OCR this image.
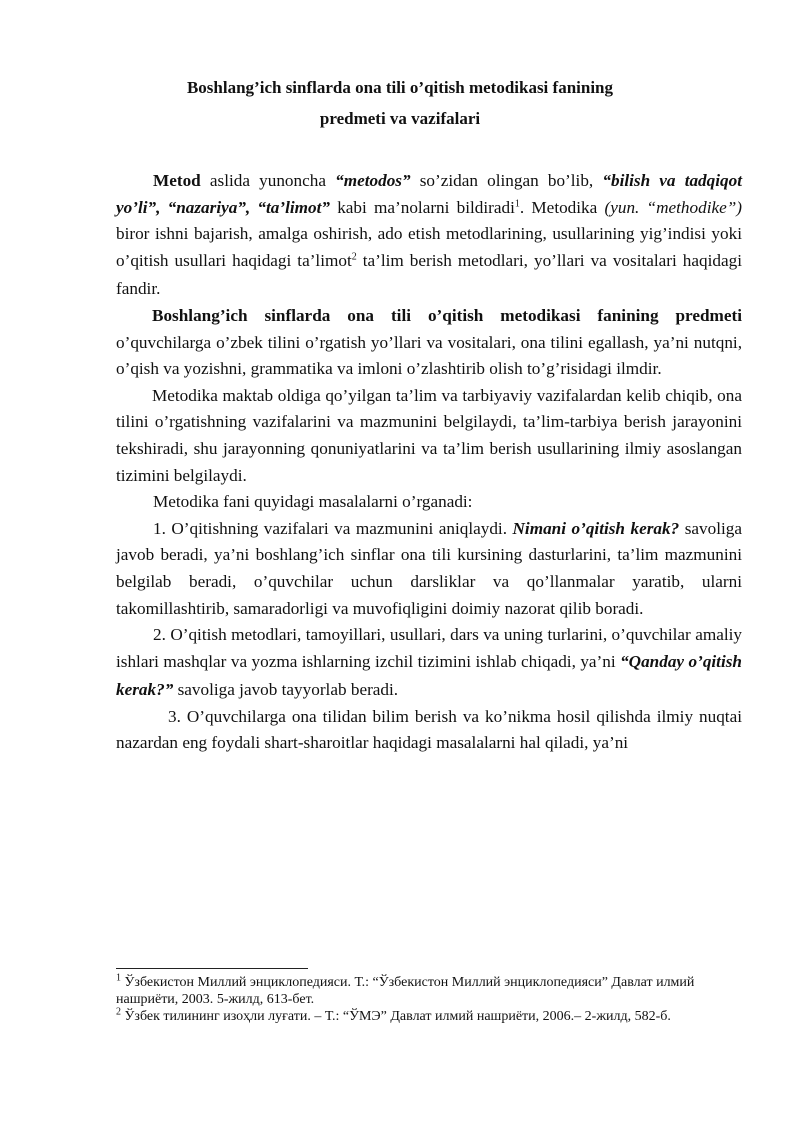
Boshlang’ich sinflarda ona tili o’qitish metodikasi fanining
predmeti va vazifalari

Metod aslida yunoncha “metodos” so’zidan olingan bo’lib, “bilish va tadqiqot yo’li”, “nazariya”, “ta’limot” kabi ma’nolarni bildiradi$^1$. Metodika (yun. “methodike”) biror ishni bajarish, amalga oshirish, ado etish metodlarining, usullarining yig’indisi yoki o’qitish usullari haqidagi ta’limot$^2$ ta’lim berish metodlari, yo’llari va vositalari haqidagi fandir.

Boshlang’ich sinflarda ona tili o’qitish metodikasi fanining predmeti o’quvchilarga o’zbek tilini o’rgatish yo’llari va vositalari, ona tilini egallash, ya’ni nutqni, o’qish va yozishni, grammatika va imloni o’zlashtirib olish to’g’risidagi ilmdir.

Metodika maktab oldiga qo’yilgan ta’lim va tarbiyaviy vazifalardan kelib chiqib, ona tilini o’rgatishning vazifalarini va mazmunini belgilaydi, ta’lim-tarbiya berish jarayonini tekshiradi, shu jarayonning qonuniyatlarini va ta’lim berish usullarining ilmiy asoslangan tizimini belgilaydi.

Metodika fani quyidagi masalalarni o’rganadi:

1. O’qitishning vazifalari va mazmunini aniqlaydi. Nimani o’qitish kerak? savoliga javob beradi, ya’ni boshlang’ich sinflar ona tili kursining dasturlarini, ta’lim mazmunini belgilab beradi, o’quvchilar uchun darsliklar va qo’llanmalar yaratib, ularni takomillashtirib, samaradorligi va muvofiqligini doimiy nazorat qilib boradi.

2. O’qitish metodlari, tamoyillari, usullari, dars va uning turlarini, o’quvchilar amaliy ishlari mashqlar va yozma ishlarning izchil tizimini ishlab chiqadi, ya’ni “Qanday o’qitish kerak?” savoliga javob tayyorlab beradi.

3. O’quvchilarga ona tilidan bilim berish va ko’nikma hosil qilishda ilmiy nuqtai nazardan eng foydali shart-sharoitlar haqidagi masalalarni hal qiladi, ya’ni

$^1$ Ўзбекистон Миллий энциклопедияси. Т.: “Ўзбекистон Миллий энциклопедияси” Давлат илмий нашриёти, 2003. 5-жилд, 613-бет.

$^2$ Ўзбек тилининг изоҳли луғати. – Т.: “ЎМЭ” Давлат илмий нашриёти, 2006.– 2-жилд, 582-б.
